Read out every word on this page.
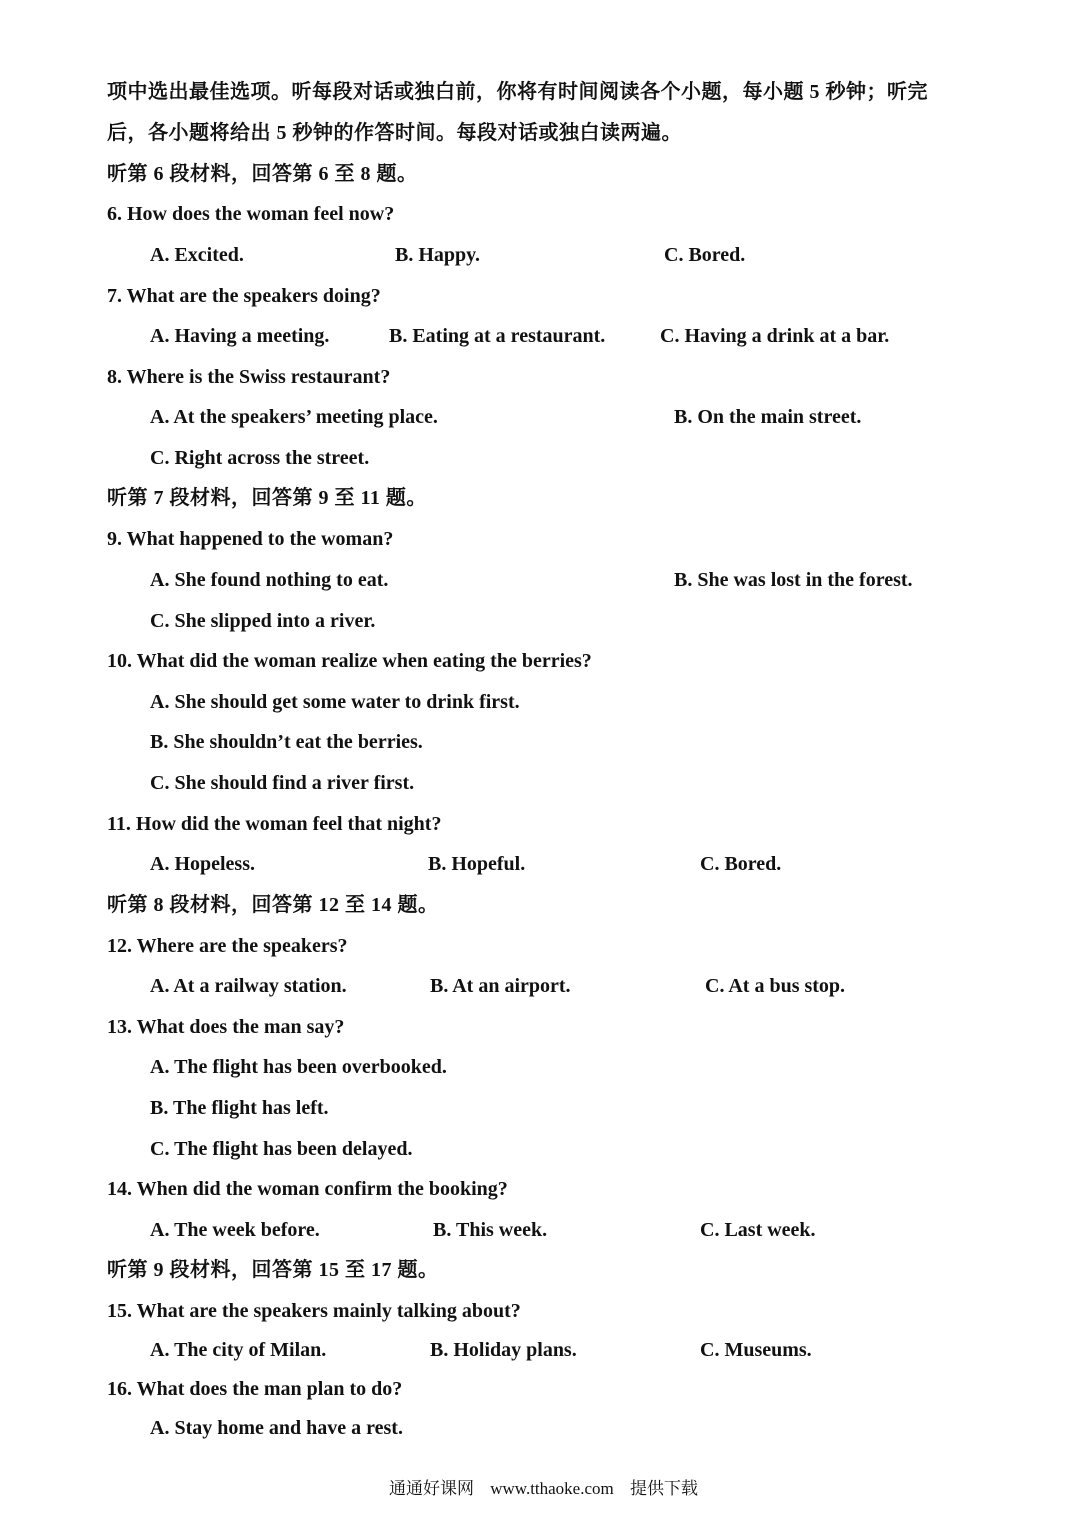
项中选出最佳选项。听每段对话或独白前，你将有时间阅读各个小题，每小题 5 秒钟；听完
后，各小题将给出 5 秒钟的作答时间。每段对话或独白读两遍。
听第 6 段材料，回答第 6 至 8 题。
6. How does the woman feel now?
A. Excited.	B. Happy.	C. Bored.
7. What are the speakers doing?
A. Having a meeting.	B. Eating at a restaurant.	C. Having a drink at a bar.
8. Where is the Swiss restaurant?
A. At the speakers’ meeting place.	B. On the main street.
C. Right across the street.
听第 7 段材料，回答第 9 至 11 题。
9. What happened to the woman?
A. She found nothing to eat.	B. She was lost in the forest.
C. She slipped into a river.
10. What did the woman realize when eating the berries?
A. She should get some water to drink first.
B. She shouldn’t eat the berries.
C. She should find a river first.
11. How did the woman feel that night?
A. Hopeless.	B. Hopeful.	C. Bored.
听第 8 段材料，回答第 12 至 14 题。
12. Where are the speakers?
A. At a railway station.	B. At an airport.	C. At a bus stop.
13. What does the man say?
A. The flight has been overbooked.
B. The flight has left.
C. The flight has been delayed.
14. When did the woman confirm the booking?
A. The week before.	B. This week.	C. Last week.
听第 9 段材料，回答第 15 至 17 题。
15. What are the speakers mainly talking about?
A. The city of Milan.	B. Holiday plans.	C. Museums.
16. What does the man plan to do?
A. Stay home and have a rest.
通通好课网 www.tthaoke.com 提供下载
